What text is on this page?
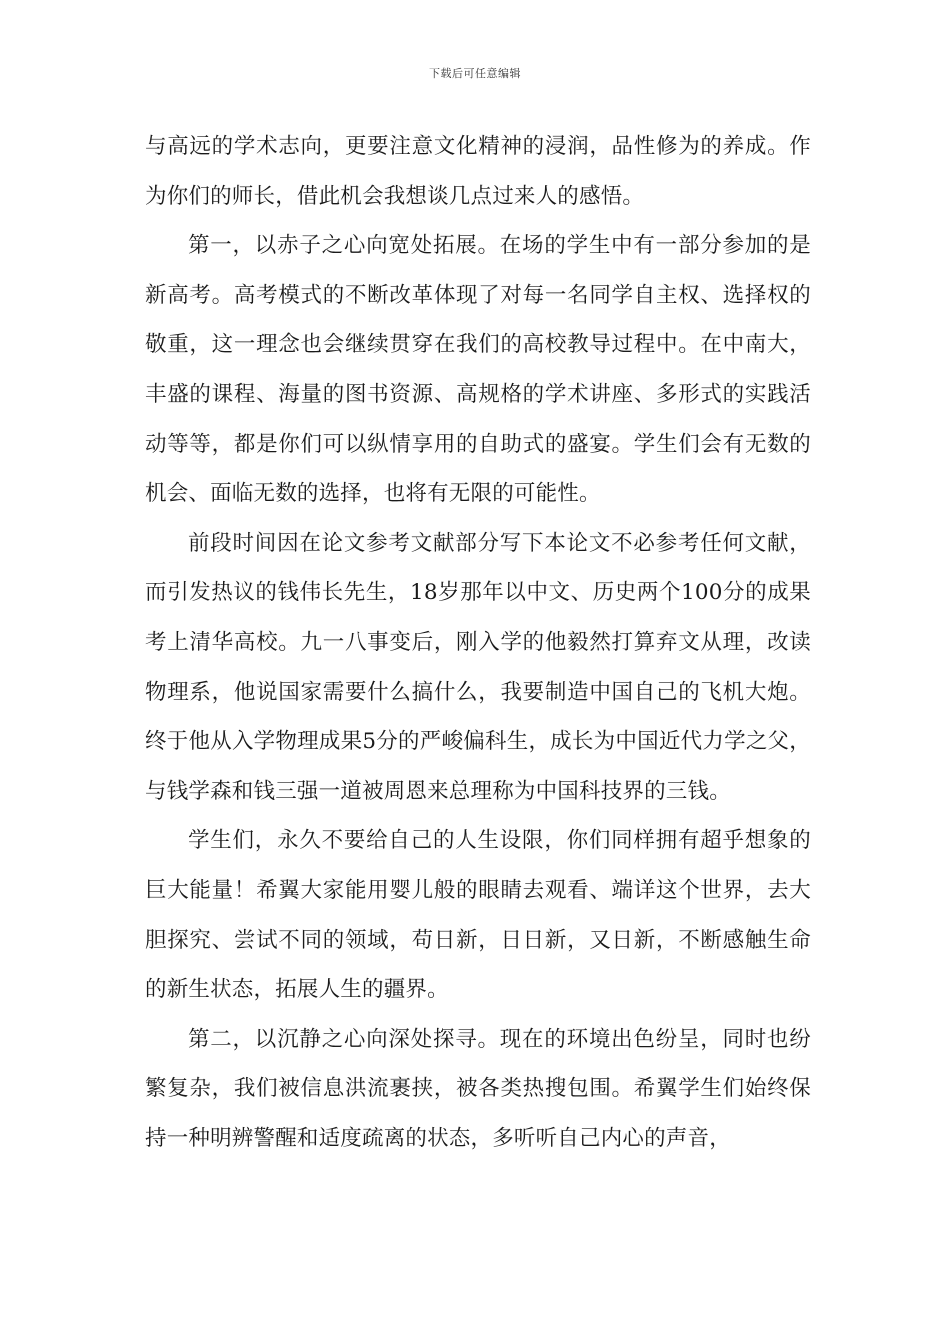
下载后可任意编辑

与高远的学术志向，更要注意文化精神的浸润，品性修为的养成。作为你们的师长，借此机会我想谈几点过来人的感悟。

第一，以赤子之心向宽处拓展。在场的学生中有一部分参加的是新高考。高考模式的不断改革体现了对每一名同学自主权、选择权的敬重，这一理念也会继续贯穿在我们的高校教导过程中。在中南大，丰盛的课程、海量的图书资源、高规格的学术讲座、多形式的实践活动等等，都是你们可以纵情享用的自助式的盛宴。学生们会有无数的机会、面临无数的选择，也将有无限的可能性。

前段时间因在论文参考文献部分写下本论文不必参考任何文献，而引发热议的钱伟长先生，18岁那年以中文、历史两个100分的成果考上清华高校。九一八事变后，刚入学的他毅然打算弃文从理，改读物理系，他说国家需要什么搞什么，我要制造中国自己的飞机大炮。终于他从入学物理成果5分的严峻偏科生，成长为中国近代力学之父，与钱学森和钱三强一道被周恩来总理称为中国科技界的三钱。

学生们，永久不要给自己的人生设限，你们同样拥有超乎想象的巨大能量！希翼大家能用婴儿般的眼睛去观看、端详这个世界，去大胆探究、尝试不同的领域，苟日新，日日新，又日新，不断感触生命的新生状态，拓展人生的疆界。

第二，以沉静之心向深处探寻。现在的环境出色纷呈，同时也纷繁复杂，我们被信息洪流裹挟，被各类热搜包围。希翼学生们始终保持一种明辨警醒和适度疏离的状态，多听听自己内心的声音，
